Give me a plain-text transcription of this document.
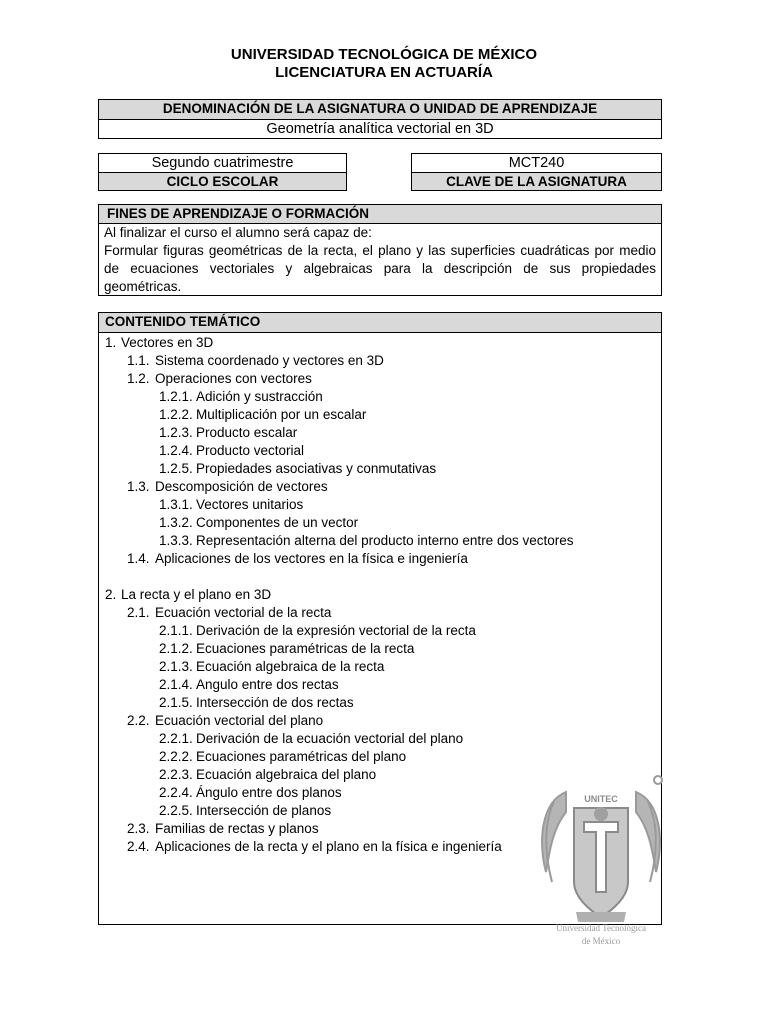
UNIVERSIDAD TECNOLÓGICA DE MÉXICO
LICENCIATURA EN ACTUARÍA
DENOMINACIÓN DE LA ASIGNATURA O UNIDAD DE APRENDIZAJE
Geometría analítica vectorial en 3D
Segundo cuatrimestre
CICLO ESCOLAR
MCT240
CLAVE DE LA ASIGNATURA
FINES DE APRENDIZAJE O FORMACIÓN
Al finalizar el curso el alumno será capaz de:
Formular figuras geométricas de la recta, el plano y las superficies cuadráticas por medio de ecuaciones vectoriales y algebraicas para la descripción de sus propiedades geométricas.
CONTENIDO TEMÁTICO
1. Vectores en 3D
1.1. Sistema coordenado y vectores en 3D
1.2. Operaciones con vectores
1.2.1. Adición y sustracción
1.2.2. Multiplicación por un escalar
1.2.3. Producto escalar
1.2.4. Producto vectorial
1.2.5. Propiedades asociativas y conmutativas
1.3. Descomposición de vectores
1.3.1. Vectores unitarios
1.3.2. Componentes de un vector
1.3.3. Representación alterna del producto interno entre dos vectores
1.4. Aplicaciones de los vectores en la física e ingeniería
2. La recta y el plano en 3D
2.1. Ecuación vectorial de la recta
2.1.1. Derivación de la expresión vectorial de la recta
2.1.2. Ecuaciones paramétricas de la recta
2.1.3. Ecuación algebraica de la recta
2.1.4. Angulo entre dos rectas
2.1.5. Intersección de dos rectas
2.2. Ecuación vectorial del plano
2.2.1. Derivación de la ecuación vectorial del plano
2.2.2. Ecuaciones paramétricas del plano
2.2.3. Ecuación algebraica del plano
2.2.4. Ángulo entre dos planos
2.2.5. Intersección de planos
2.3. Familias de rectas y planos
2.4. Aplicaciones de la recta y el plano en la física e ingeniería
UNITEC
Universidad Tecnológica
de México
